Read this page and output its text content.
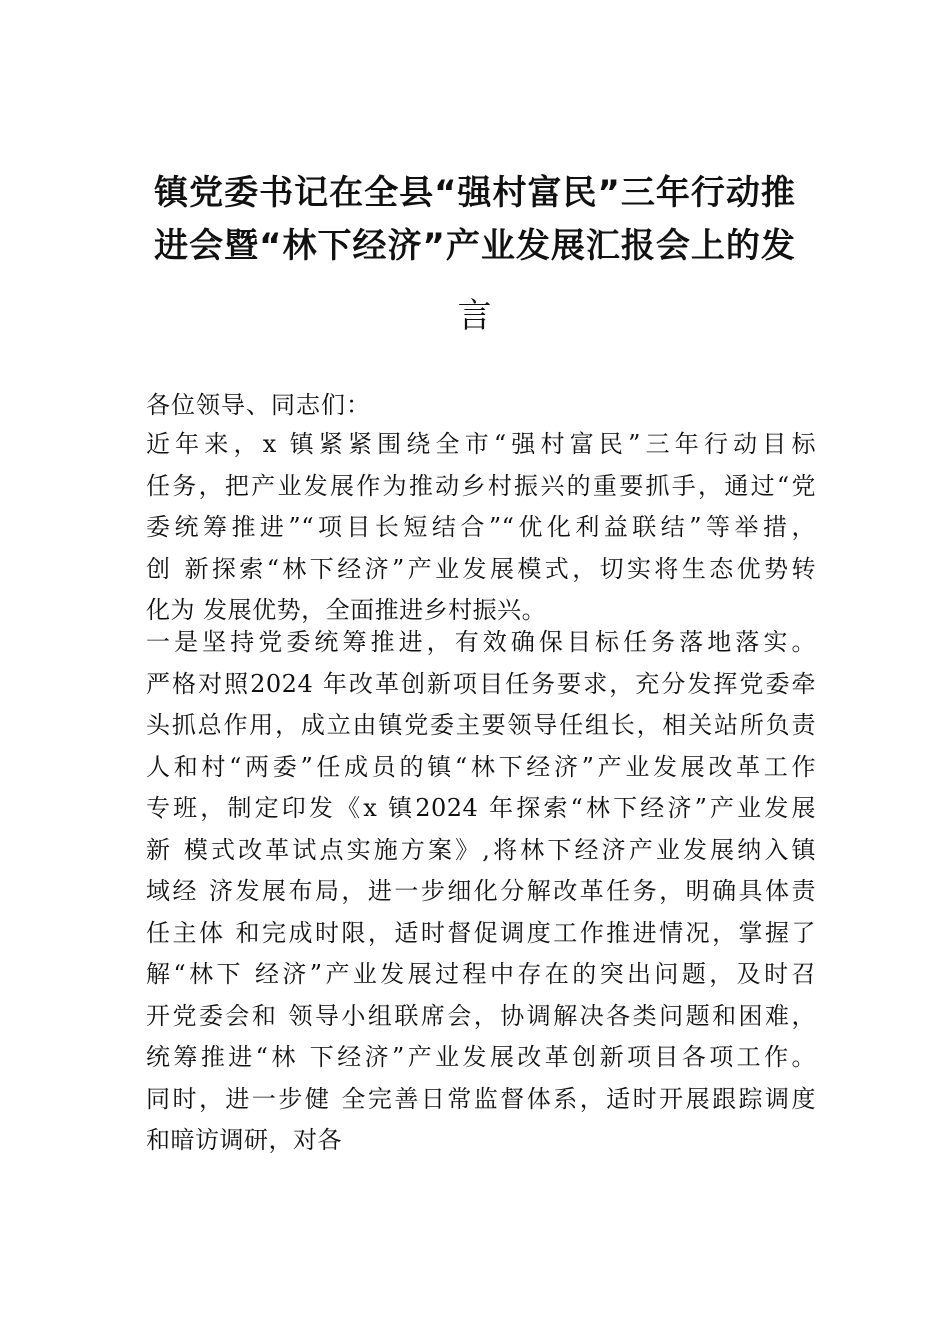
镇党委书记在全县“强村富民”三年行动推
进会暨“林下经济”产业发展汇报会上的发
言

各位领导、同志们：

近年来，x 镇紧紧围绕全市“强村富民”三年行动目标
任务，把产业发展作为推动乡村振兴的重要抓手，通过“党
委统筹推进”“项目长短结合”“优化利益联结”等举措，
创 新探索“林下经济”产业发展模式，切实将生态优势转
化为 发展优势，全面推进乡村振兴。
一是坚持党委统筹推进，有效确保目标任务落地落实。
严格对照2024 年改革创新项目任务要求，充分发挥党委牵
头抓总作用，成立由镇党委主要领导任组长，相关站所负责
人和村“两委”任成员的镇“林下经济”产业发展改革工作
专班，制定印发《x 镇2024 年探索“林下经济”产业发展
新 模式改革试点实施方案》,将林下经济产业发展纳入镇
域经 济发展布局，进一步细化分解改革任务，明确具体责
任主体 和完成时限，适时督促调度工作推进情况，掌握了
解“林下 经济”产业发展过程中存在的突出问题，及时召
开党委会和 领导小组联席会，协调解决各类问题和困难，
统筹推进“林 下经济”产业发展改革创新项目各项工作。
同时，进一步健 全完善日常监督体系，适时开展跟踪调度
和暗访调研，对各
